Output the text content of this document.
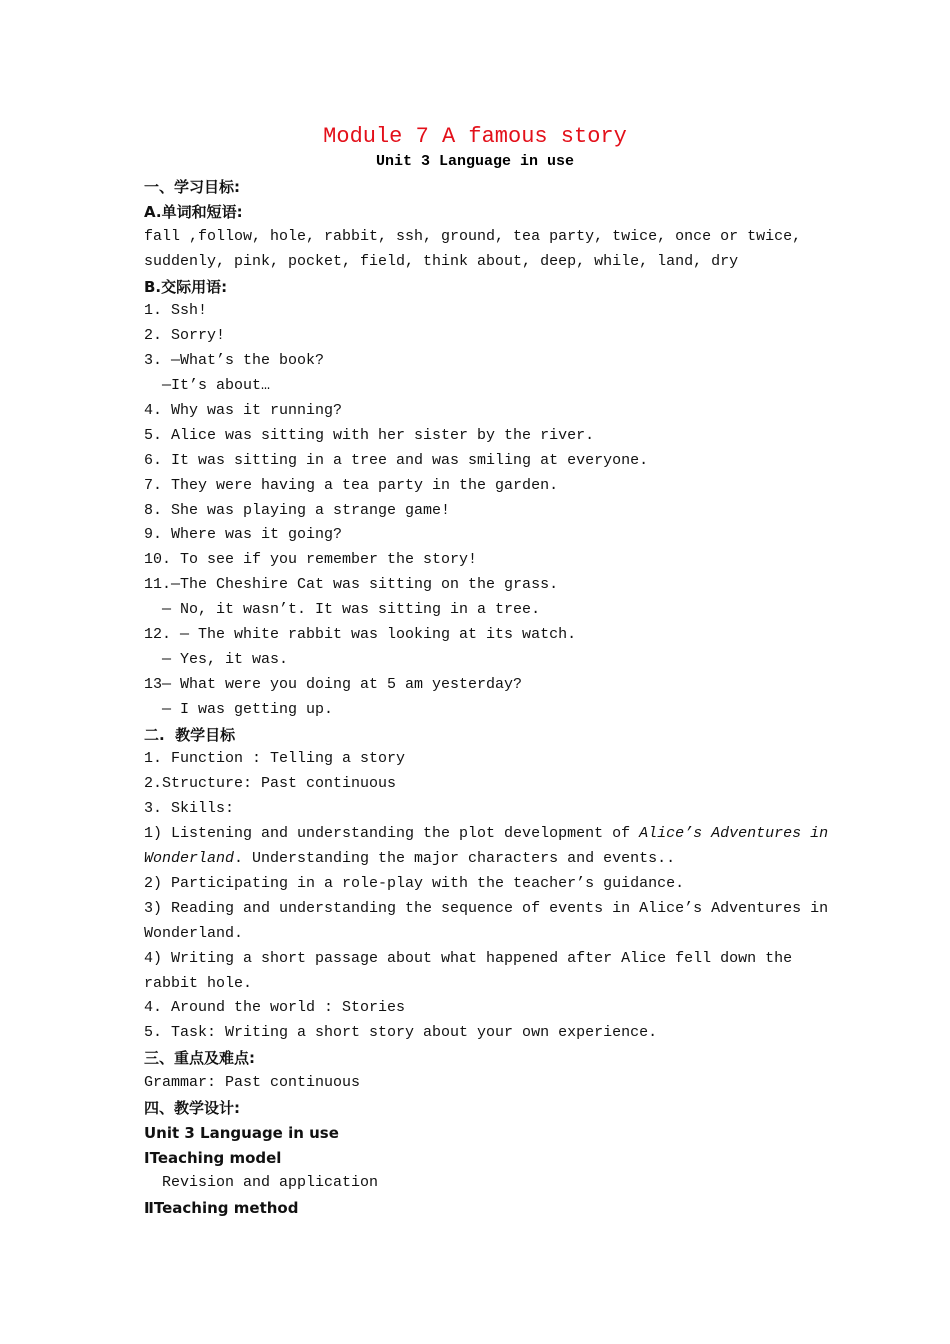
Module 7 A famous story
Unit 3 Language in use
一、学习目标:
A.单词和短语:
fall ,follow, hole, rabbit, ssh, ground, tea party, twice, once or twice,
suddenly, pink, pocket, field, think about, deep, while, land, dry
B.交际用语:
1. Ssh!
2. Sorry!
3. —What’s the book?
—It’s about…
4. Why was it running?
5. Alice was sitting with her sister by the river.
6. It was sitting in a tree and was smiling at everyone.
7. They were having a tea party in the garden.
8. She was playing a strange game!
9. Where was it going?
10. To see if you remember the story!
11.—The Cheshire Cat was sitting on the grass.
— No, it wasn’t. It was sitting in a tree.
12. — The white rabbit was looking at its watch.
— Yes, it was.
13— What were you doing at 5 am yesterday?
— I was getting up.
二.  教学目标
1. Function : Telling a story
2.Structure: Past continuous
3. Skills:
1) Listening and understanding the plot development of Alice’s Adventures in
Wonderland. Understanding the major characters and events..
2) Participating in a role-play with the teacher’s guidance.
3) Reading and understanding the sequence of events in Alice’s Adventures in
Wonderland.
4) Writing a short passage about what happened after Alice fell down the
rabbit hole.
4. Around the world : Stories
5. Task: Writing a short story about your own experience.
三、重点及难点:
Grammar: Past continuous
四、教学设计:
Unit 3 Language in use
ⅠTeaching model
Revision and application
ⅡTeaching method
